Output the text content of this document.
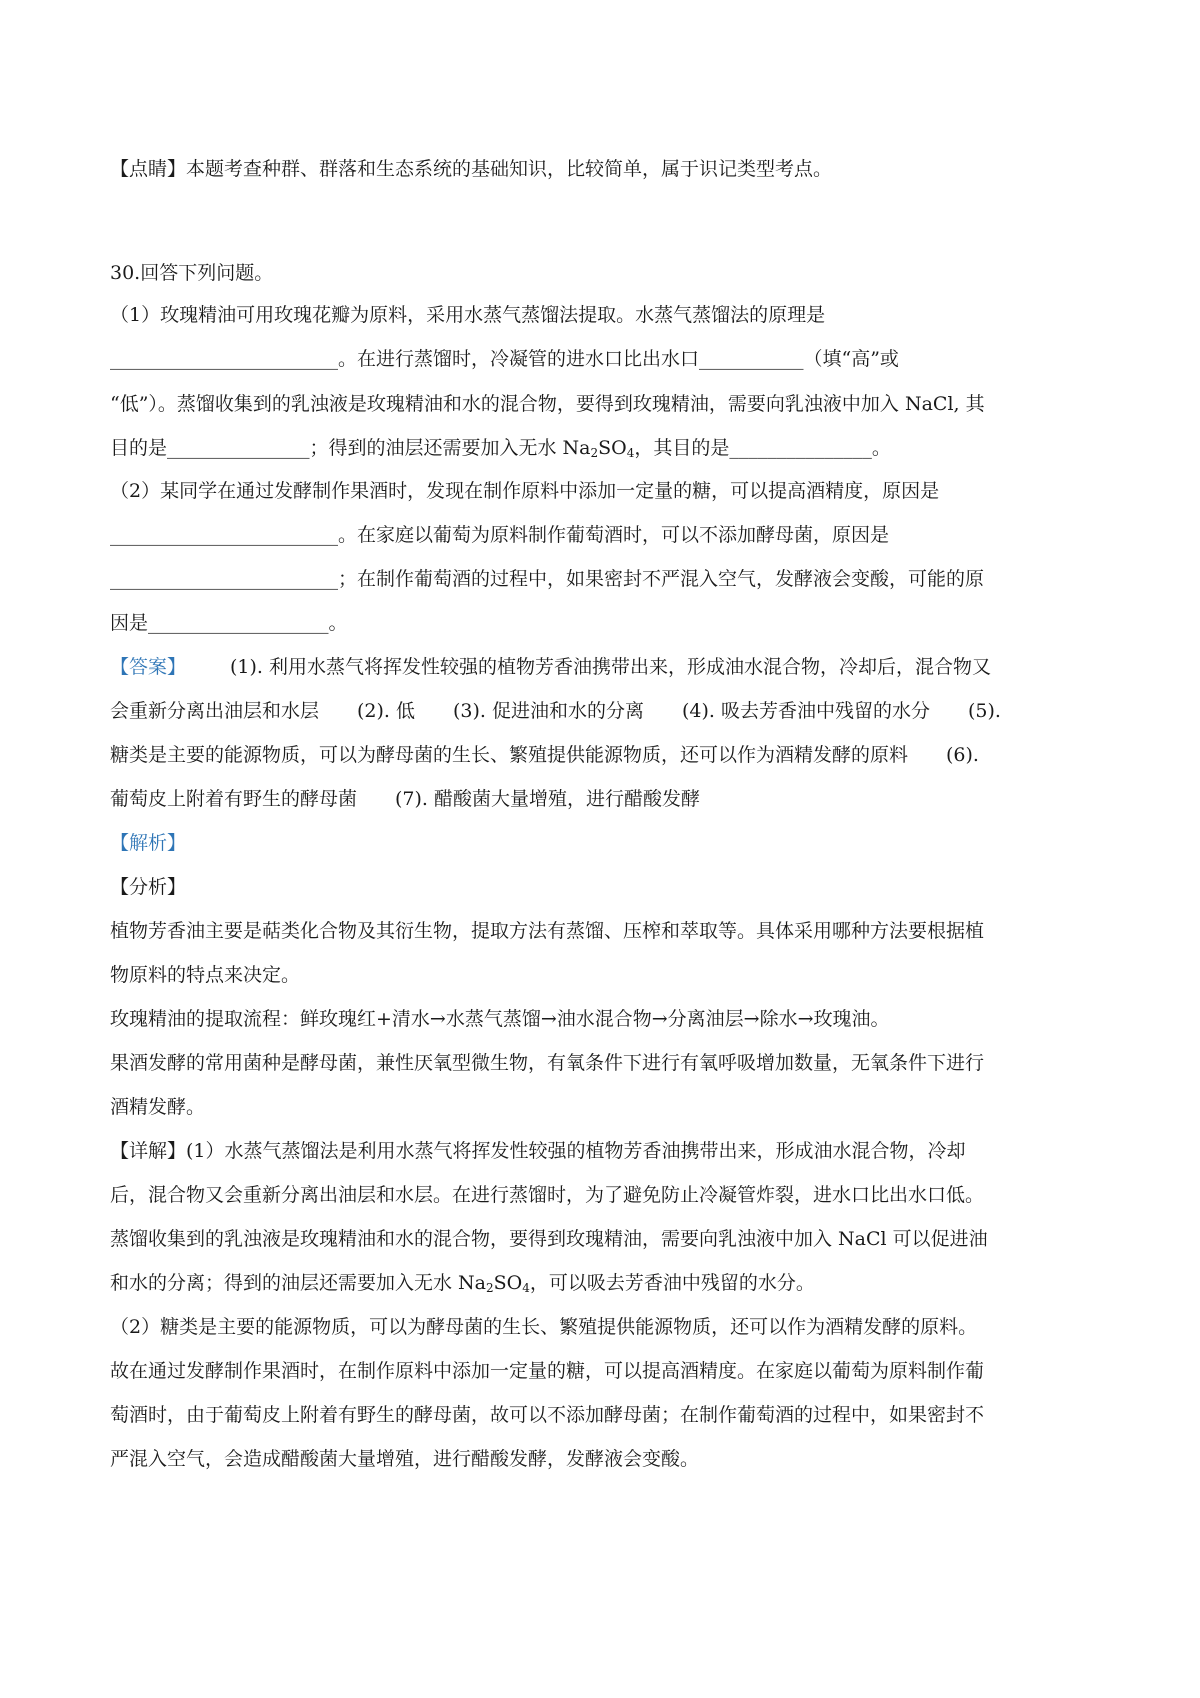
【点睛】本题考查种群、群落和生态系统的基础知识，比较简单，属于识记类型考点。

30.回答下列问题。

（1）玫瑰精油可用玫瑰花瓣为原料，采用水蒸气蒸馏法提取。水蒸气蒸馏法的原理是

________________________。在进行蒸馏时，冷凝管的进水口比出水口___________（填“高”或

“低”）。蒸馏收集到的乳浊液是玫瑰精油和水的混合物，要得到玫瑰精油，需要向乳浊液中加入 NaCl, 其

目的是_______________；得到的油层还需要加入无水 $Na_2SO_4$，其目的是_______________。

（2）某同学在通过发酵制作果酒时，发现在制作原料中添加一定量的糖，可以提高酒精度，原因是

________________________。在家庭以葡萄为原料制作葡萄酒时，可以不添加酵母菌，原因是

________________________；在制作葡萄酒的过程中，如果密封不严混入空气，发酵液会变酸，可能的原

因是___________________。

【答案】 (1). 利用水蒸气将挥发性较强的植物芳香油携带出来，形成油水混合物，冷却后，混合物又

会重新分离出油层和水层　　(2). 低　　(3). 促进油和水的分离　　(4). 吸去芳香油中残留的水分　　(5).

糖类是主要的能源物质，可以为酵母菌的生长、繁殖提供能源物质，还可以作为酒精发酵的原料　　(6).

葡萄皮上附着有野生的酵母菌　　(7). 醋酸菌大量增殖，进行醋酸发酵

【解析】

【分析】

植物芳香油主要是萜类化合物及其衍生物，提取方法有蒸馏、压榨和萃取等。具体采用哪种方法要根据植

物原料的特点来决定。

玫瑰精油的提取流程：鲜玫瑰红+清水→水蒸气蒸馏→油水混合物→分离油层→除水→玫瑰油。

果酒发酵的常用菌种是酵母菌，兼性厌氧型微生物，有氧条件下进行有氧呼吸增加数量，无氧条件下进行

酒精发酵。

【详解】(1）水蒸气蒸馏法是利用水蒸气将挥发性较强的植物芳香油携带出来，形成油水混合物，冷却

后，混合物又会重新分离出油层和水层。在进行蒸馏时，为了避免防止冷凝管炸裂，进水口比出水口低。

蒸馏收集到的乳浊液是玫瑰精油和水的混合物，要得到玫瑰精油，需要向乳浊液中加入 NaCl 可以促进油

和水的分离；得到的油层还需要加入无水 $Na_2SO_4$，可以吸去芳香油中残留的水分。

（2）糖类是主要的能源物质，可以为酵母菌的生长、繁殖提供能源物质，还可以作为酒精发酵的原料。

故在通过发酵制作果酒时，在制作原料中添加一定量的糖，可以提高酒精度。在家庭以葡萄为原料制作葡

萄酒时，由于葡萄皮上附着有野生的酵母菌，故可以不添加酵母菌；在制作葡萄酒的过程中，如果密封不

严混入空气，会造成醋酸菌大量增殖，进行醋酸发酵，发酵液会变酸。
